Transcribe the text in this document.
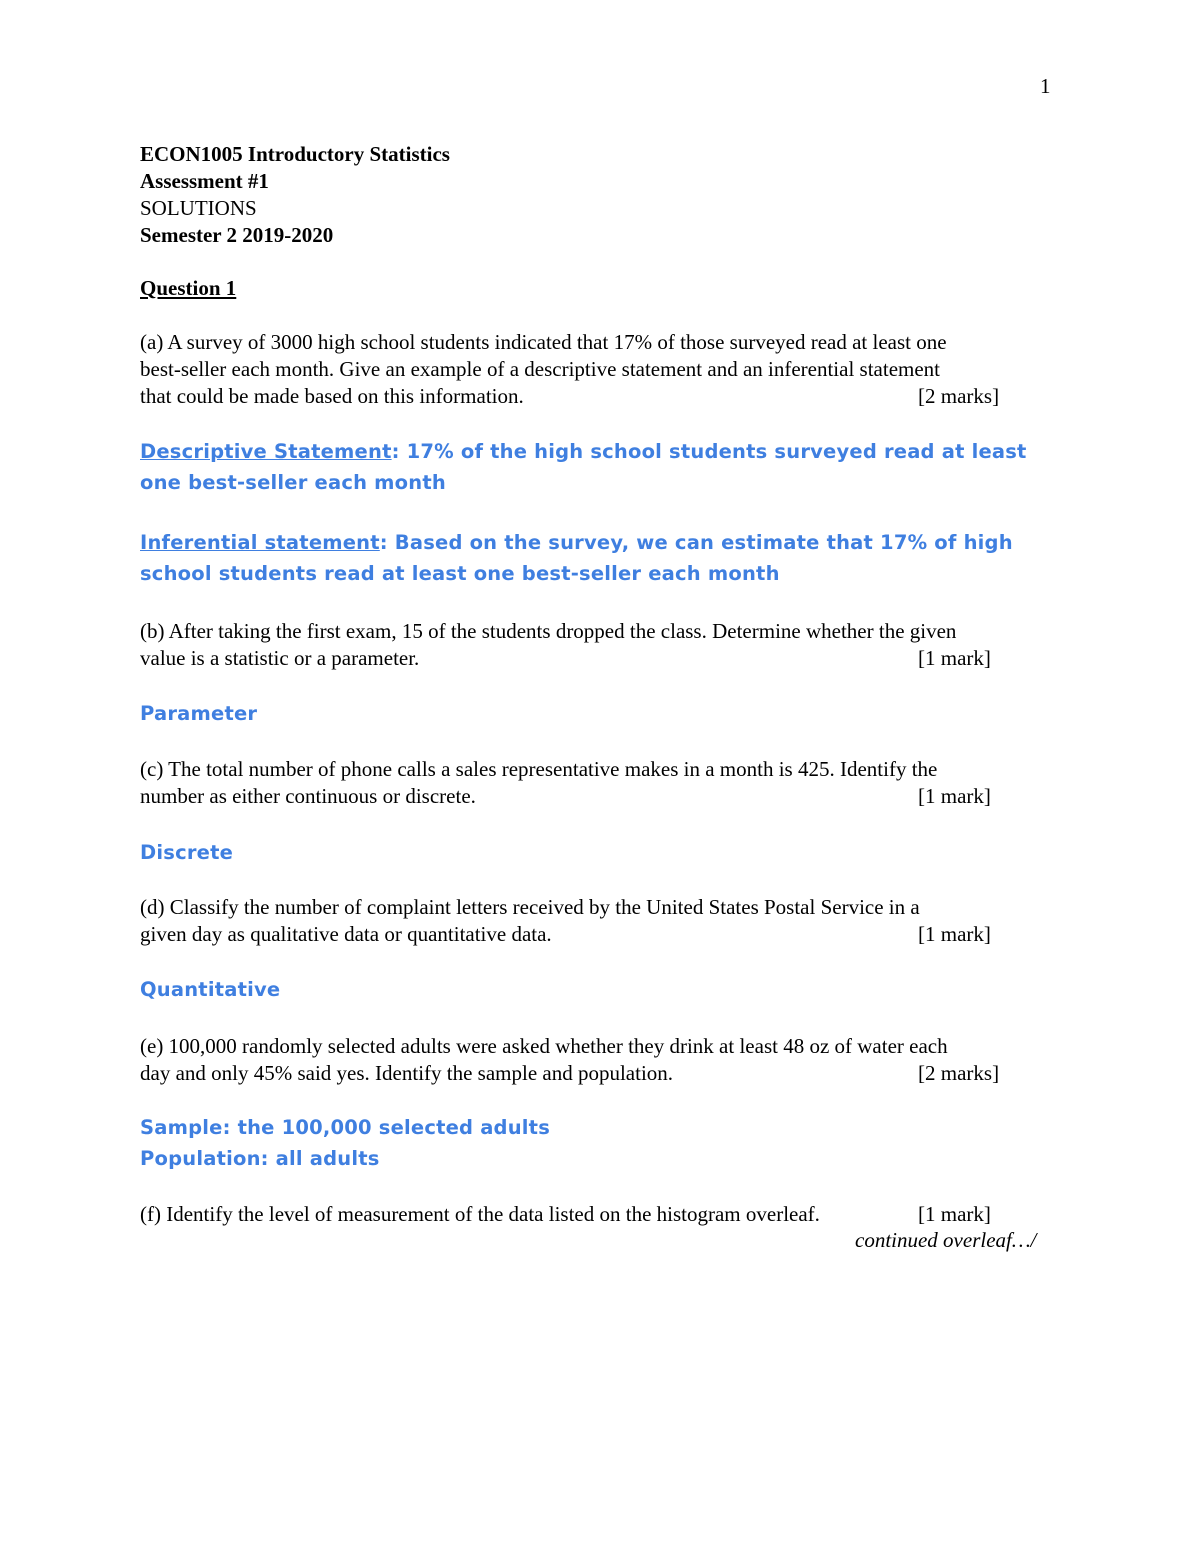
1
ECON1005 Introductory Statistics
Assessment #1
SOLUTIONS
Semester 2 2019-2020
Question 1
(a) A survey of 3000 high school students indicated that 17% of those surveyed read at least one
best-seller each month. Give an example of a descriptive statement and an inferential statement
that could be made based on this information.	[2 marks]
Descriptive Statement: 17% of the high school students surveyed read at least
one best-seller each month
Inferential statement: Based on the survey, we can estimate that 17% of high
school students read at least one best-seller each month
(b) After taking the first exam, 15 of the students dropped the class. Determine whether the given
value is a statistic or a parameter.	[1 mark]
Parameter
(c) The total number of phone calls a sales representative makes in a month is 425. Identify the
number as either continuous or discrete.	[1 mark]
Discrete
(d) Classify the number of complaint letters received by the United States Postal Service in a
given day as qualitative data or quantitative data.	[1 mark]
Quantitative
(e) 100,000 randomly selected adults were asked whether they drink at least 48 oz of water each
day and only 45% said yes. Identify the sample and population.	[2 marks]
Sample: the 100,000 selected adults
Population: all adults
(f) Identify the level of measurement of the data listed on the histogram overleaf.	[1 mark]
continued overleaf…/
